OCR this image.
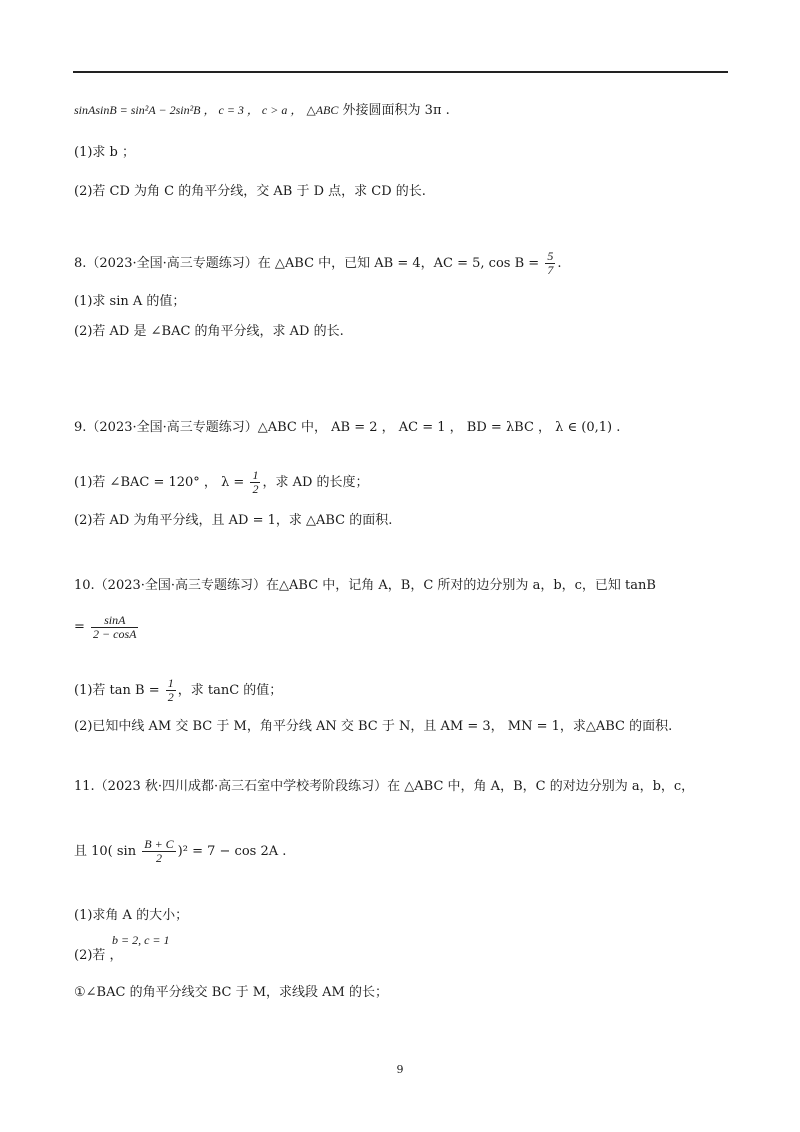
sinAsinB = sin²A − 2sin²B ， c = 3 ， c > a ， △ABC 外接圆面积为 3π .
(1)求 b ；
(2)若 CD 为角 C 的角平分线，交 AB 于 D 点，求 CD 的长.
8.（2023·全国·高三专题练习）在 △ABC 中，已知 AB = 4，AC = 5, $\cos B = \frac{5}{7}$ .
(1)求 sin A 的值；
(2)若 AD 是 ∠BAC 的角平分线，求 AD 的长.
9.（2023·全国·高三专题练习）△ABC 中， AB = 2 ， AC = 1 ， BD = λBC ， λ ∈ (0,1) .
(1)若 ∠BAC = 120° ， $\lambda = \frac{1}{2}$ ，求 AD 的长度；
(2)若 AD 为角平分线，且 AD = 1，求 △ABC 的面积.
10.（2023·全国·高三专题练习）在△ABC 中，记角 A，B，C 所对的边分别为 a，b，c，已知 tanB
= $\frac{\sin A}{2 - \cos A}$
(1)若 $\tan B = \frac{1}{2}$ ，求 tanC 的值；
(2)已知中线 AM 交 BC 于 M，角平分线 AN 交 BC 于 N，且 AM = 3， MN = 1，求△ABC 的面积.
11.（2023 秋·四川成都·高三石室中学校考阶段练习）在 △ABC 中，角 A，B，C 的对边分别为 a，b，c，
且 10( $\sin \frac{B + C}{2} )^2 = 7 - \cos 2A$ .
(1)求角 A 的大小；
b = 2, c = 1
(2)若 ，
①∠BAC 的角平分线交 BC 于 M，求线段 AM 的长；
9
